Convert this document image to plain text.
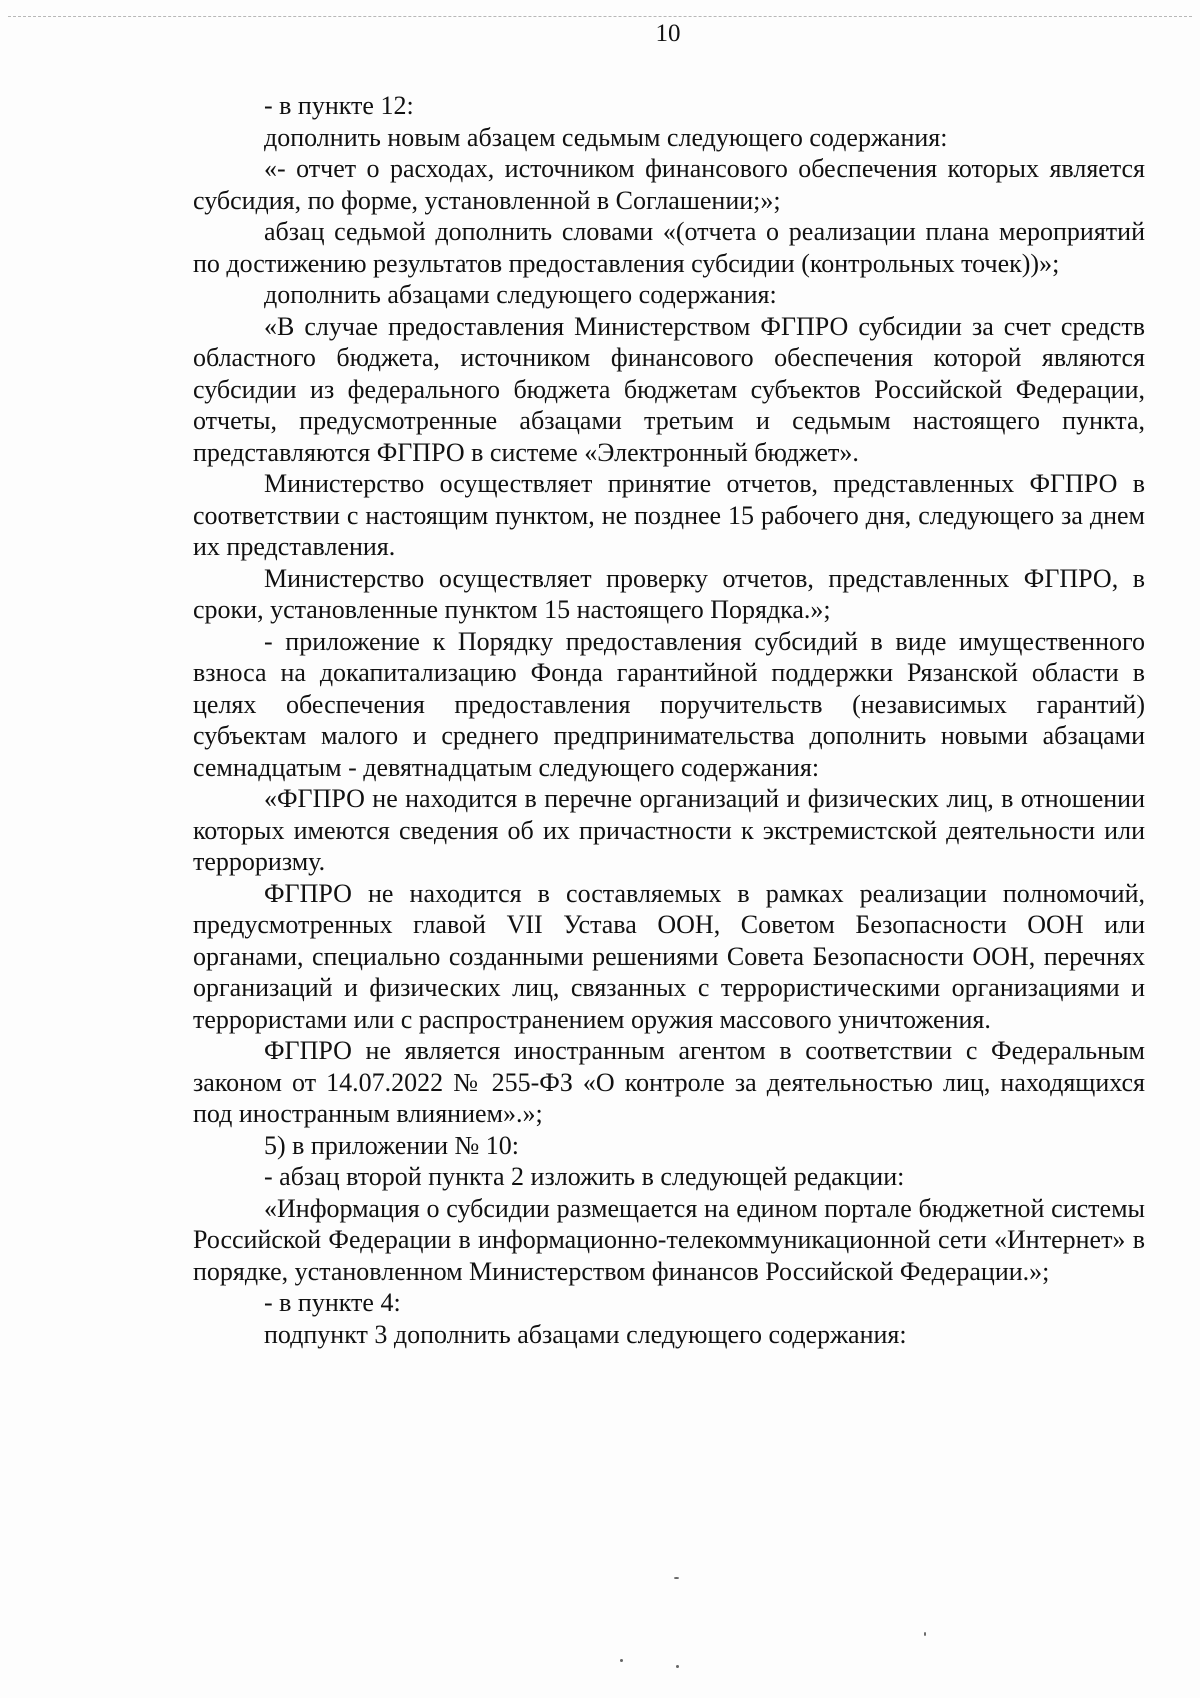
10

- в пункте 12:

дополнить новым абзацем седьмым следующего содержания:

«- отчет о расходах, источником финансового обеспечения которых является субсидия, по форме, установленной в Соглашении;»;

абзац седьмой дополнить словами «(отчета о реализации плана мероприятий по достижению результатов предоставления субсидии (контрольных точек))»;

дополнить абзацами следующего содержания:

«В случае предоставления Министерством ФГПРО субсидии за счет средств областного бюджета, источником финансового обеспечения которой являются субсидии из федерального бюджета бюджетам субъектов Российской Федерации, отчеты, предусмотренные абзацами третьим и седьмым настоящего пункта, представляются ФГПРО в системе «Электронный бюджет».

Министерство осуществляет принятие отчетов, представленных ФГПРО в соответствии с настоящим пунктом, не позднее 15 рабочего дня, следующего за днем их представления.

Министерство осуществляет проверку отчетов, представленных ФГПРО, в сроки, установленные пунктом 15 настоящего Порядка.»;

- приложение к Порядку предоставления субсидий в виде имущественного взноса на докапитализацию Фонда гарантийной поддержки Рязанской области в целях обеспечения предоставления поручительств (независимых гарантий) субъектам малого и среднего предпринимательства дополнить новыми абзацами семнадцатым - девятнадцатым следующего содержания:

«ФГПРО не находится в перечне организаций и физических лиц, в отношении которых имеются сведения об их причастности к экстремистской деятельности или терроризму.

ФГПРО не находится в составляемых в рамках реализации полномочий, предусмотренных главой VII Устава ООН, Советом Безопасности ООН или органами, специально созданными решениями Совета Безопасности ООН, перечнях организаций и физических лиц, связанных с террористическими организациями и террористами или с распространением оружия массового уничтожения.

ФГПРО не является иностранным агентом в соответствии с Федеральным законом от 14.07.2022 № 255-ФЗ «О контроле за деятельностью лиц, находящихся под иностранным влиянием».»;

5) в приложении № 10:

- абзац второй пункта 2 изложить в следующей редакции:

«Информация о субсидии размещается на едином портале бюджетной системы Российской Федерации в информационно-телекоммуникационной сети «Интернет» в порядке, установленном Министерством финансов Российской Федерации.»;

- в пункте 4:

подпункт 3 дополнить абзацами следующего содержания:
